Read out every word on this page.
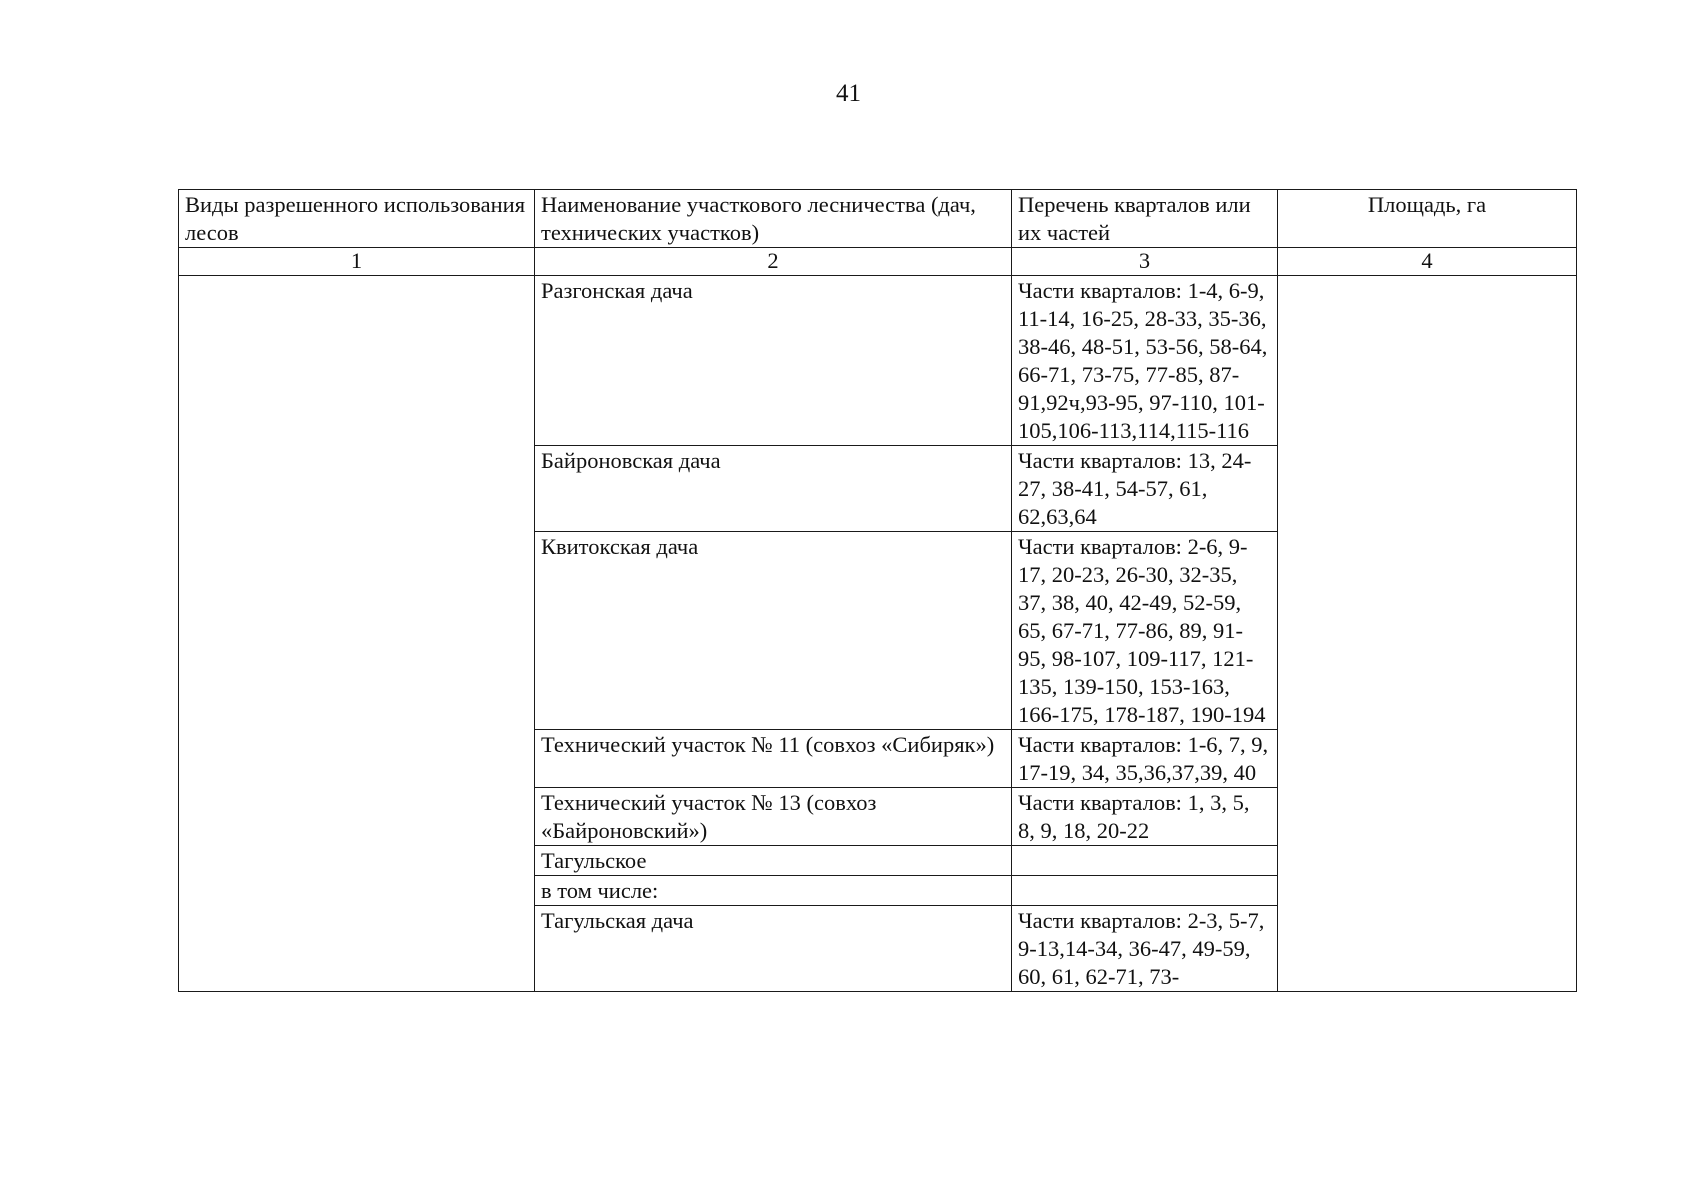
41
Виды разрешенного использования лесов	Наименование участкового лесничества (дач, технических участков)	Перечень кварталов или их частей	Площадь, га
1	2	3	4
	Разгонская дача	Части кварталов: 1-4, 6-9, 11-14, 16-25, 28-33, 35-36, 38-46, 48-51, 53-56, 58-64, 66-71, 73-75, 77-85, 87-91,92ч,93-95, 97-110, 101-105,106-113,114,115-116	
	Байроновская дача	Части кварталов: 13, 24-27, 38-41, 54-57, 61, 62,63,64	
	Квитокская дача	Части кварталов: 2-6, 9-17, 20-23, 26-30, 32-35, 37, 38, 40, 42-49, 52-59, 65, 67-71, 77-86, 89, 91-95, 98-107, 109-117, 121-135, 139-150, 153-163, 166-175, 178-187, 190-194	
	Технический участок № 11 (совхоз «Сибиряк»)	Части кварталов: 1-6, 7, 9, 17-19, 34, 35,36,37,39, 40	
	Технический участок № 13 (совхоз «Байроновский»)	Части кварталов: 1, 3, 5, 8, 9, 18, 20-22	
	Тагульское		
	в том числе:		
	Тагульская дача	Части кварталов: 2-3, 5-7, 9-13,14-34, 36-47, 49-59, 60, 61, 62-71, 73-	
